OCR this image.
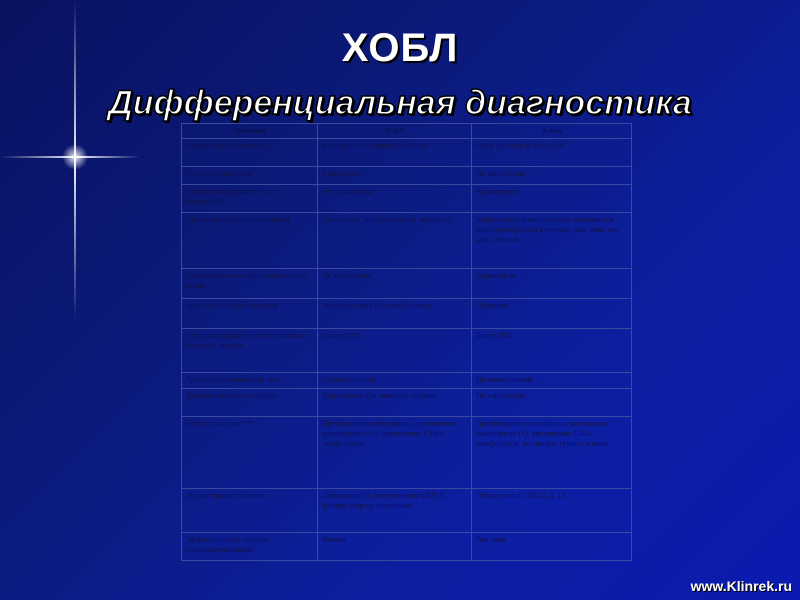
ХОБЛ
Дифференциальная диагностика
Признаки	ХОБЛ	Астма
Возраст начала болезни	Как правило, старше 35–40 лет	Чаще детский и молодой*
Курение в анамнезе	Характерно	Не характерно
Внелегочные проявле-ния аллергии**	Не характерны	Характерны
Симптомы (кашель и одышка)	Постоянны, прогрессируют медленно	Клиническая изменчивость, появляются приступообраз-но в течение дня, день ото дня, сезонно
Отягощенная наследст-венность по астме	Не характерна	Характерна
Бронхиальная обструк-ция	Малообратима или необра-тима	Обратима
Суточная вариабель-ность пиковой скорости выдоха	Менее 10%	Более 20%
Бронходилатационный тест	Отрицательный	Положительный
Наличие легочного сердца	Характерно при тяжелом течении	Не характерно
Тип воспаления***	Преобладают нейтрофилы, увеличение макрофагов (++), увеличение CD8+ лимфоцитов	Преобладают эозинофилы, увеличение макрофагов (+), увеличение CD4+ лимфоцитов, активация тучных клеток
Медиаторы воспаления	Лейкотриен В, интерлей-кин (ИЛ) 8, фактор некроза опухоли-α	Лейкотриен D, ИЛ 4, 5, 13
Эффективность терапии глюкокортикоидами	Низкая	Высокая
www.Klinrek.ru
